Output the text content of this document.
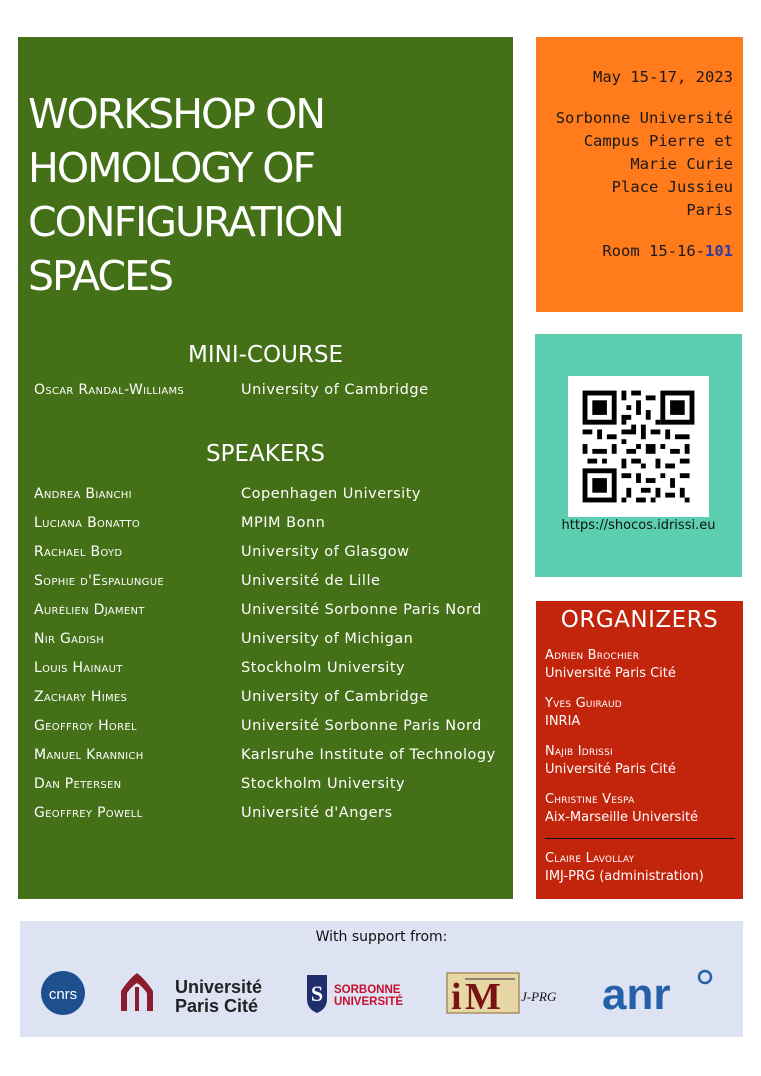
WORKSHOP ON
HOMOLOGY OF
CONFIGURATION
SPACES
MINI-COURSE
Oscar Randal-Williams	University of Cambridge
SPEAKERS
Andrea Bianchi	Copenhagen University
Luciana Bonatto	MPIM Bonn
Rachael Boyd	University of Glasgow
Sophie d'Espalungue	Université de Lille
Aurélien Djament	Université Sorbonne Paris Nord
Nir Gadish	University of Michigan
Louis Hainaut	Stockholm University
Zachary Himes	University of Cambridge
Geoffroy Horel	Université Sorbonne Paris Nord
Manuel Krannich	Karlsruhe Institute of Technology
Dan Petersen	Stockholm University
Geoffrey Powell	Université d'Angers
May 15-17, 2023
Sorbonne Université
Campus Pierre et
Marie Curie
Place Jussieu
Paris
Room 15-16-101
https://shocos.idrissi.eu
ORGANIZERS
Adrien Brochier
Université Paris Cité
Yves Guiraud
INRIA
Najib Idrissi
Université Paris Cité
Christine Vespa
Aix-Marseille Université
Claire Lavollay
IMJ-PRG (administration)
With support from:
cnrs	Université
Paris Cité S SORBONNE
UNIVERSITÉ i M J-PRG anr
